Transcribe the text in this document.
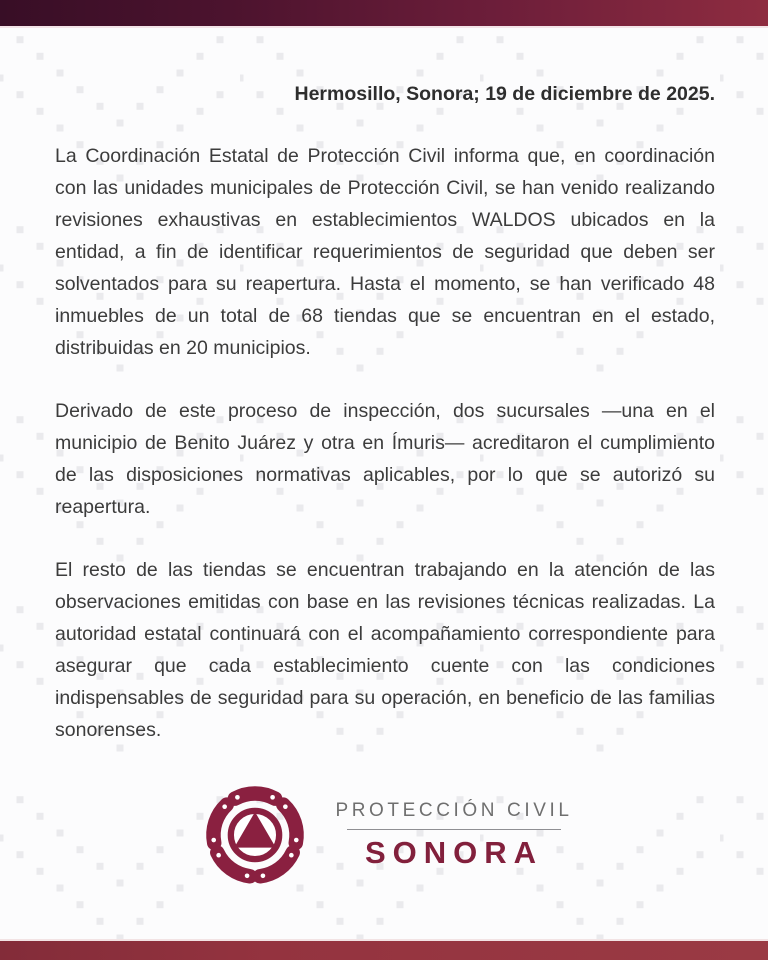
Hermosillo, Sonora; 19 de diciembre de 2025.

La Coordinación Estatal de Protección Civil informa que, en coordinación con las unidades municipales de Protección Civil, se han venido realizando revisiones exhaustivas en establecimientos WALDOS ubicados en la entidad, a fin de identificar requerimientos de seguridad que deben ser solventados para su reapertura. Hasta el momento, se han verificado 48 inmuebles de un total de 68 tiendas que se encuentran en el estado, distribuidas en 20 municipios.

Derivado de este proceso de inspección, dos sucursales —una en el municipio de Benito Juárez y otra en Ímuris— acreditaron el cumplimiento de las disposiciones normativas aplicables, por lo que se autorizó su reapertura.

El resto de las tiendas se encuentran trabajando en la atención de las observaciones emitidas con base en las revisiones técnicas realizadas. La autoridad estatal continuará con el acompañamiento correspondiente para asegurar que cada establecimiento cuente con las condiciones indispensables de seguridad para su operación, en beneficio de las familias sonorenses.

PROTECCIÓN CIVIL
SONORA
